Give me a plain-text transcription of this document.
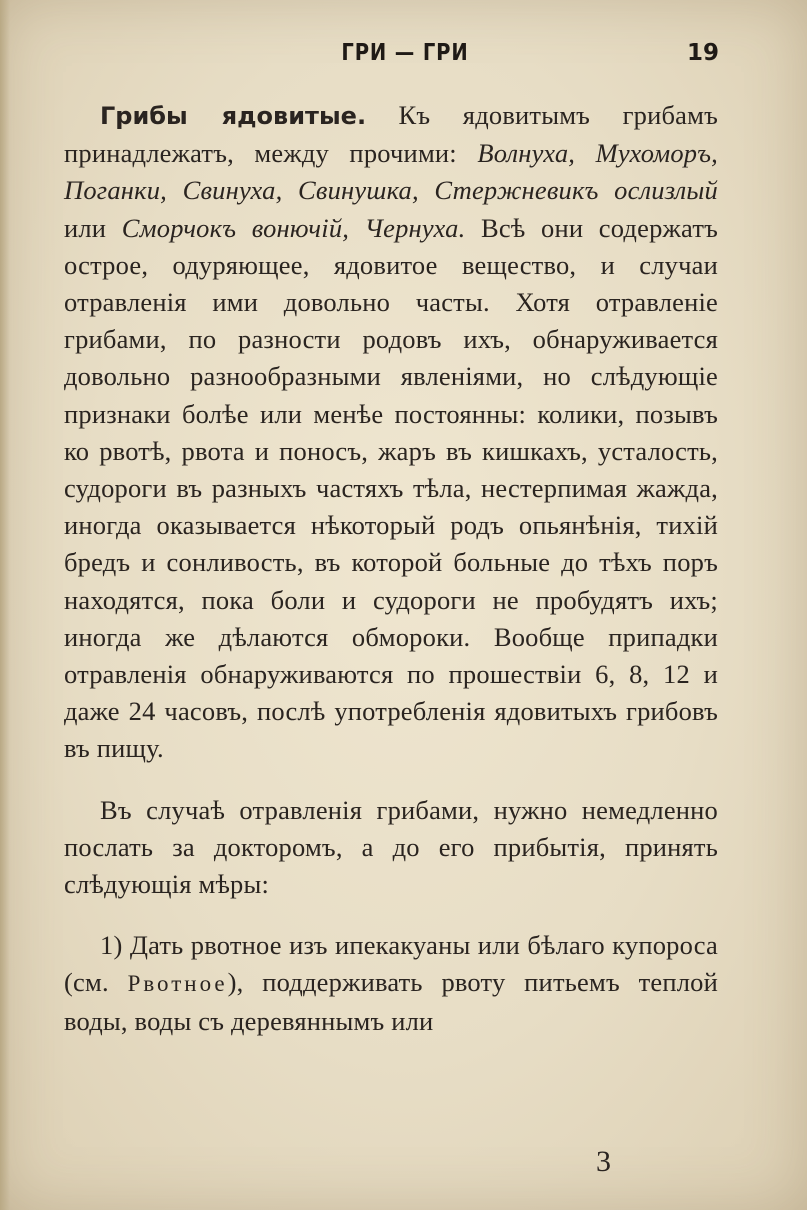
ГРИ — ГРИ	19

Грибы ядовитые. Къ ядовитымъ грибамъ принадлежатъ, между прочими: Волнуха, Мухоморъ, Поганки, Свинуха, Свинушка, Стержневикъ ослизлый или Сморчокъ вонючій, Чернуха. Всѣ они содержатъ острое, одуряющее, ядовитое вещество, и случаи отравленія ими довольно часты. Хотя отравленіе грибами, по разности родовъ ихъ, обнаруживается довольно разнообразными явленіями, но слѣдующіе признаки болѣе или менѣе постоянны: колики, позывъ ко рвотѣ, рвота и поносъ, жаръ въ кишкахъ, усталость, судороги въ разныхъ частяхъ тѣла, нестерпимая жажда, иногда оказывается нѣкоторый родъ опьянѣнія, тихій бредъ и сонливость, въ которой больные до тѣхъ поръ находятся, пока боли и судороги не пробудятъ ихъ; иногда же дѣлаются обмороки. Вообще припадки отравленія обнаруживаются по прошествіи 6, 8, 12 и даже 24 часовъ, послѣ употребленія ядовитыхъ грибовъ въ пищу.

Въ случаѣ отравленія грибами, нужно немедленно послать за докторомъ, а до его прибытія, принять слѣдующія мѣры:

1) Дать рвотное изъ ипекакуаны или бѣлаго купороса (см. Рвотное), поддерживать рвоту питьемъ теплой воды, воды съ деревяннымъ или

3
